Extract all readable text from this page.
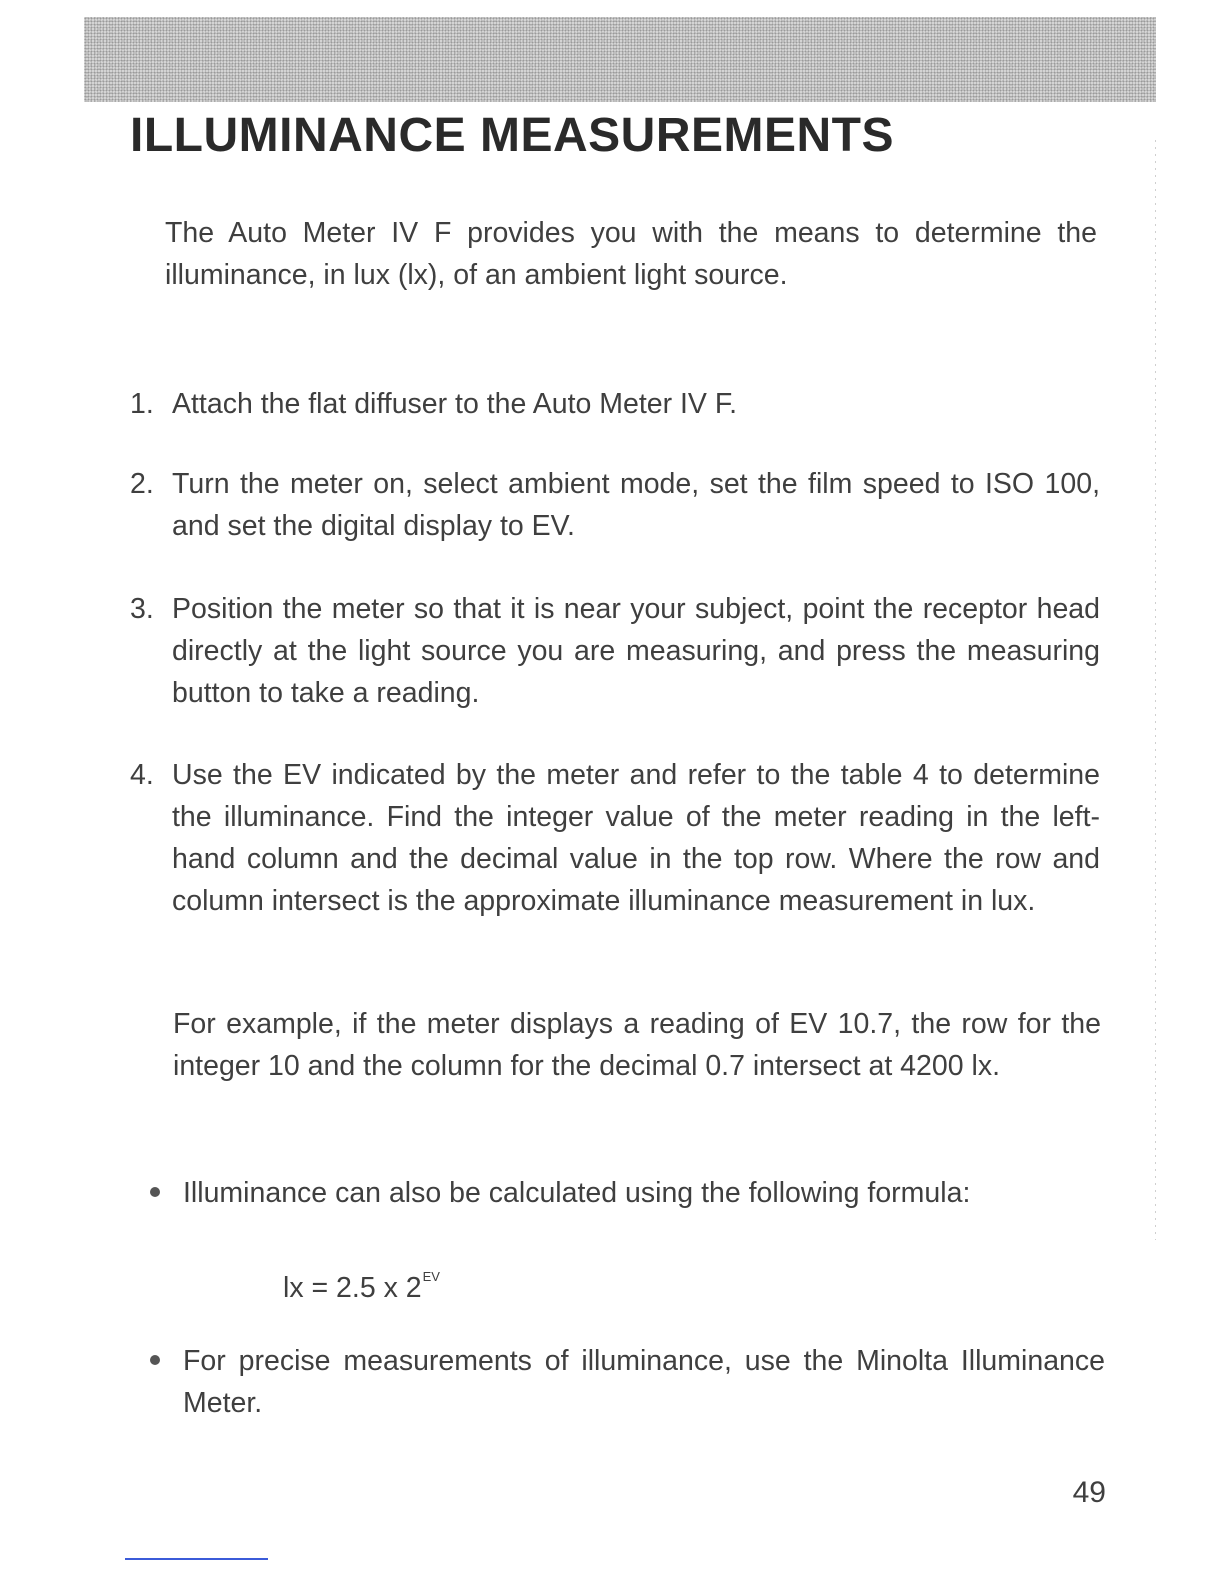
ILLUMINANCE MEASUREMENTS

The Auto Meter IV F provides you with the means to determine the illuminance, in lux (lx), of an ambient light source.

1. Attach the flat diffuser to the Auto Meter IV F.
2. Turn the meter on, select ambient mode, set the film speed to ISO 100, and set the digital display to EV.
3. Position the meter so that it is near your subject, point the receptor head directly at the light source you are measuring, and press the measuring button to take a reading.
4. Use the EV indicated by the meter and refer to the table 4 to determine the illuminance. Find the integer value of the meter reading in the left-hand column and the decimal value in the top row. Where the row and column intersect is the approximate illuminance measurement in lux.

For example, if the meter displays a reading of EV 10.7, the row for the integer 10 and the column for the decimal 0.7 intersect at 4200 lx.

Illuminance can also be calculated using the following formula:
lx = 2.5 x $2^{EV}$
For precise measurements of illuminance, use the Minolta Illuminance Meter.
49
